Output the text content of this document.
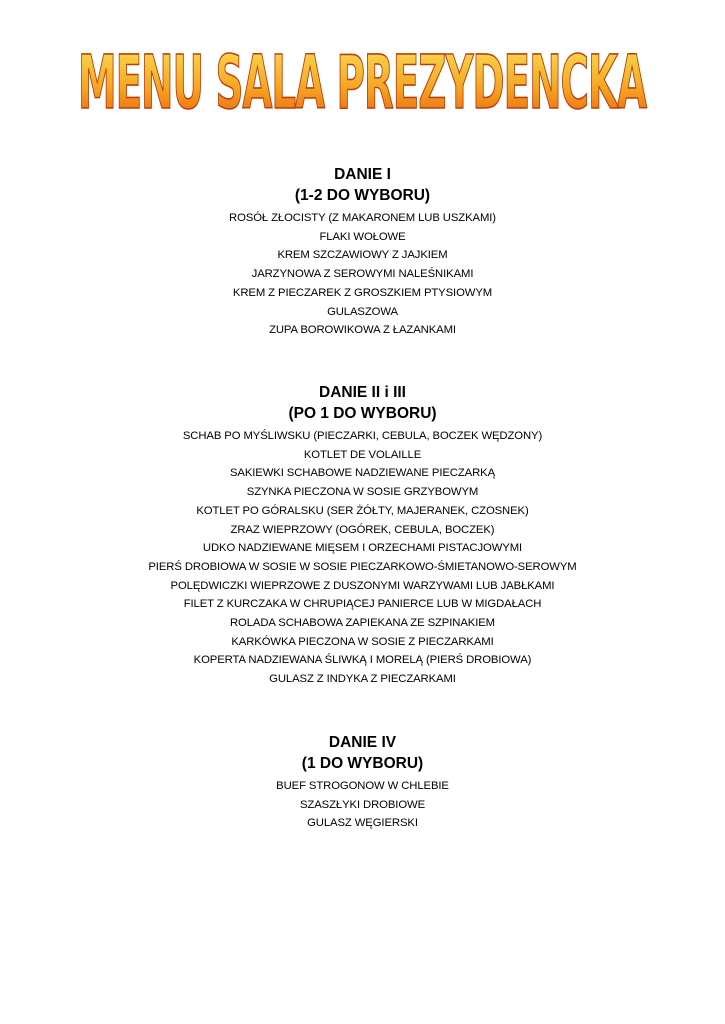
MENU SALA PREZYDENCKA

DANIE I

(1-2 DO WYBORU)

ROSÓŁ ZŁOCISTY (Z MAKARONEM LUB USZKAMI)
FLAKI WOŁOWE
KREM SZCZAWIOWY Z JAJKIEM
JARZYNOWA Z SEROWYMI NALEŚNIKAMI
KREM Z PIECZAREK Z GROSZKIEM PTYSIOWYM
GULASZOWA
ZUPA BOROWIKOWA Z ŁAZANKAMI

DANIE II i III

(PO 1 DO WYBORU)

SCHAB PO MYŚLIWSKU (PIECZARKI, CEBULA, BOCZEK WĘDZONY)
KOTLET DE VOLAILLE
SAKIEWKI SCHABOWE NADZIEWANE PIECZARKĄ
SZYNKA PIECZONA W SOSIE GRZYBOWYM
KOTLET PO GÓRALSKU (SER ŻÓŁTY, MAJERANEK, CZOSNEK)
ZRAZ WIEPRZOWY (OGÓREK, CEBULA, BOCZEK)
UDKO NADZIEWANE MIĘSEM I ORZECHAMI PISTACJOWYMI
PIERŚ DROBIOWA W SOSIE W SOSIE PIECZARKOWO-ŚMIETANOWO-SEROWYM
POLĘDWICZKI WIEPRZOWE Z DUSZONYMI WARZYWAMI LUB JABŁKAMI
FILET Z KURCZAKA W CHRUPIĄCEJ PANIERCE LUB W MIGDAŁACH
ROLADA SCHABOWA ZAPIEKANA ZE SZPINAKIEM
KARKÓWKA PIECZONA W SOSIE Z PIECZARKAMI
KOPERTA NADZIEWANA ŚLIWKĄ I MORELĄ (PIERŚ DROBIOWA)
GULASZ Z INDYKA Z PIECZARKAMI

DANIE IV

(1 DO WYBORU)

BUEF STROGONOW W CHLEBIE
SZASZŁYKI DROBIOWE
GULASZ WĘGIERSKI
